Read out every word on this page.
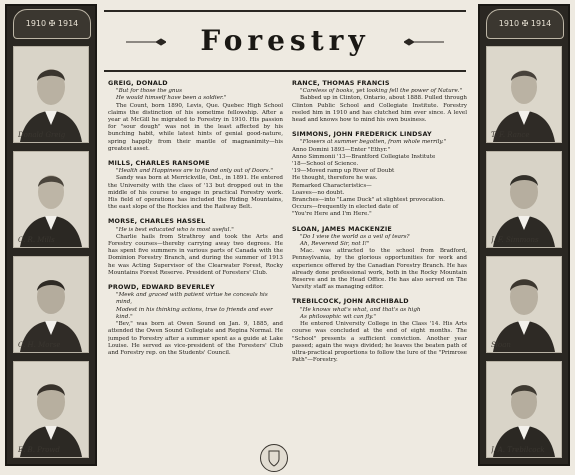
1910 ✠ 1914
Donald Greig
C. R. Mills
C. H. Morse
E. B. Prowd
Forestry
GREIG, DONALD
"But for those the gnus
He would himself have been a soldier."
The Count, born 1890, Levis, Que. Quebec High School claims the distinction of his sometime fellowship. After a year at McGill he migrated to Forestry in 1910. His passion for "sour dough" was not in the least affected by his bunching habit, while latest hints of genial good-nature, spring happily from their mantle of magnanimity—his greatest asset.
MILLS, CHARLES RANSOME
"Health and Happiness are to found only out of Doors."
Sandy was born at Merrickville, Ont., in 1891. He entered the University with the class of '13 but dropped out in the middle of his course to engage in practical Forestry work. His field of operations has included the Riding Mountains, the east slope of the Rockies and the Railway Belt.
MORSE, CHARLES HASSEL
"He is best educated who is most useful."
Charlie hails from Strathroy and took the Arts and Forestry courses—thereby carrying away two degrees. He has spent five summers in various parts of Canada with the Dominion Forestry Branch, and during the summer of 1913 he was Acting Supervisor of the Clearwater Forest, Rocky Mountains Forest Reserve. President of Foresters' Club.
PROWD, EDWARD BEVERLEY
"Meek and graced with patient virtue he conceals his mind,
Modest in his thinking actions, true to friends and ever kind."
"Bev," was born at Owen Sound on Jan. 9, 1885, and attended the Owen Sound Collegiate and Regina Normal. He jumped to Forestry after a summer spent as a guide at Lake Louise. He served as vice-president of the Foresters' Club and Forestry rep. on the Students' Council.
RANCE, THOMAS FRANCIS
"Careless of books, yet looking fell the power of Nature."
Babbed up in Clinton, Ontario, about 1888. Pulled through Clinton Public School and Collegiate Institute. Forestry reeled him in 1910 and has clutched him ever since. A level head and knows how to mind his own business.
SIMMONS, JOHN FREDERICK LINDSAY
"Flowers at summer begotten, from whole merrily."
Anno Domini 1893—Enter "Ethyr."
Anno Simmonii '13—Brantford Collegiate Institute
'18—School of Science.
'19—Moved ramp up River of Doubt
He thought, therefore he was.
Remarked Characteristics—
Loaves—no doubt.
Branches—into "Lame Duck" at slightest provocation.
Occurs—frequently in elected date of
"You're Here and I'm Here."
SLOAN, JAMES MACKENZIE
"Do I view the world as a veil of tears?
Ah, Reverend Sir, not I!"
Mac. was attracted to the school from Bradford, Pennsylvania, by the glorious opportunities for work and experience offered by the Canadian Forestry Branch. He has already done professional work, both in the Rocky Mountain Reserve and in the Head Office. He has also served on The Varsity staff as managing editor.
TREBILCOCK, JOHN ARCHIBALD
"He knows what's what, and that's as high
As philosophic wit can fly."
He entered University College in the Class '14. His Arts course was concluded at the end of eight months. The "School" presents a sufficient conviction. Another year passed; again the ways divided; he leaves the beaten path of ultra-practical proportions to follow the lure of the "Primrose Path"—Forestry.
1910 ✠ 1914
T. F. Rance
J. F. Simmons
Sloan
J. A. Trebilcock
